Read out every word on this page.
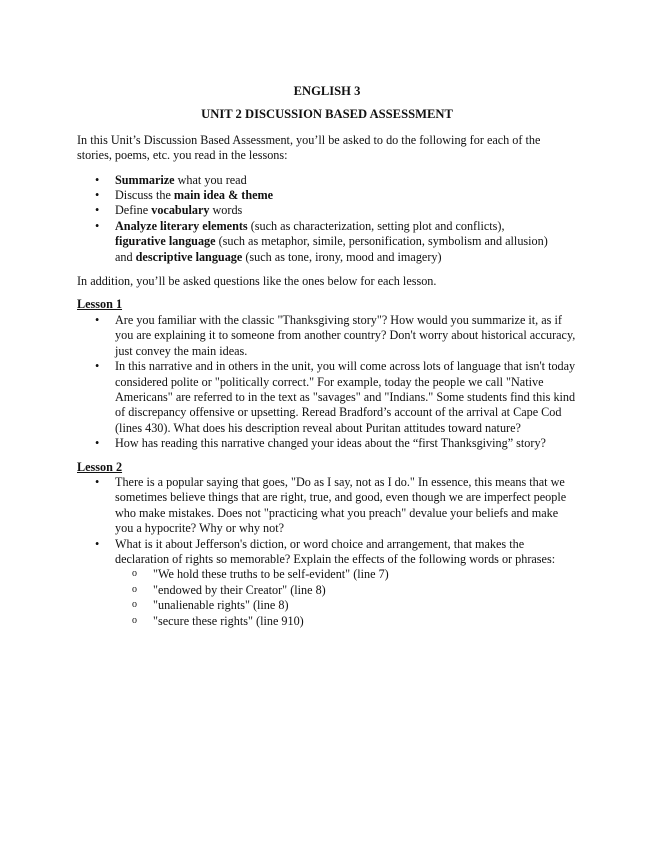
ENGLISH 3

UNIT 2 DISCUSSION BASED ASSESSMENT

In this Unit’s Discussion Based Assessment, you’ll be asked to do the following for each of the stories, poems, etc. you read in the lessons:

• Summarize what you read
• Discuss the main idea & theme
• Define vocabulary words
• Analyze literary elements (such as characterization, setting plot and conflicts),
figurative language (such as metaphor, simile, personification, symbolism and allusion)
and descriptive language (such as tone, irony, mood and imagery)

In addition, you’ll be asked questions like the ones below for each lesson.

Lesson 1

• Are you familiar with the classic "Thanksgiving story"? How would you summarize it, as if you are explaining it to someone from another country? Don't worry about historical accuracy, just convey the main ideas.
• In this narrative and in others in the unit, you will come across lots of language that isn't today considered polite or "politically correct." For example, today the people we call "Native Americans" are referred to in the text as "savages" and "Indians." Some students find this kind of discrepancy offensive or upsetting. Reread Bradford’s account of the arrival at Cape Cod (lines 430). What does his description reveal about Puritan attitudes toward nature?
• How has reading this narrative changed your ideas about the “first Thanksgiving” story?

Lesson 2

• There is a popular saying that goes, "Do as I say, not as I do." In essence, this means that we sometimes believe things that are right, true, and good, even though we are imperfect people who make mistakes. Does not "practicing what you preach" devalue your beliefs and make you a hypocrite? Why or why not?
• What is it about Jefferson's diction, or word choice and arrangement, that makes the declaration of rights so memorable? Explain the effects of the following words or phrases:
o "We hold these truths to be self-evident" (line 7)
o "endowed by their Creator" (line 8)
o "unalienable rights" (line 8)
o "secure these rights" (line 910)
